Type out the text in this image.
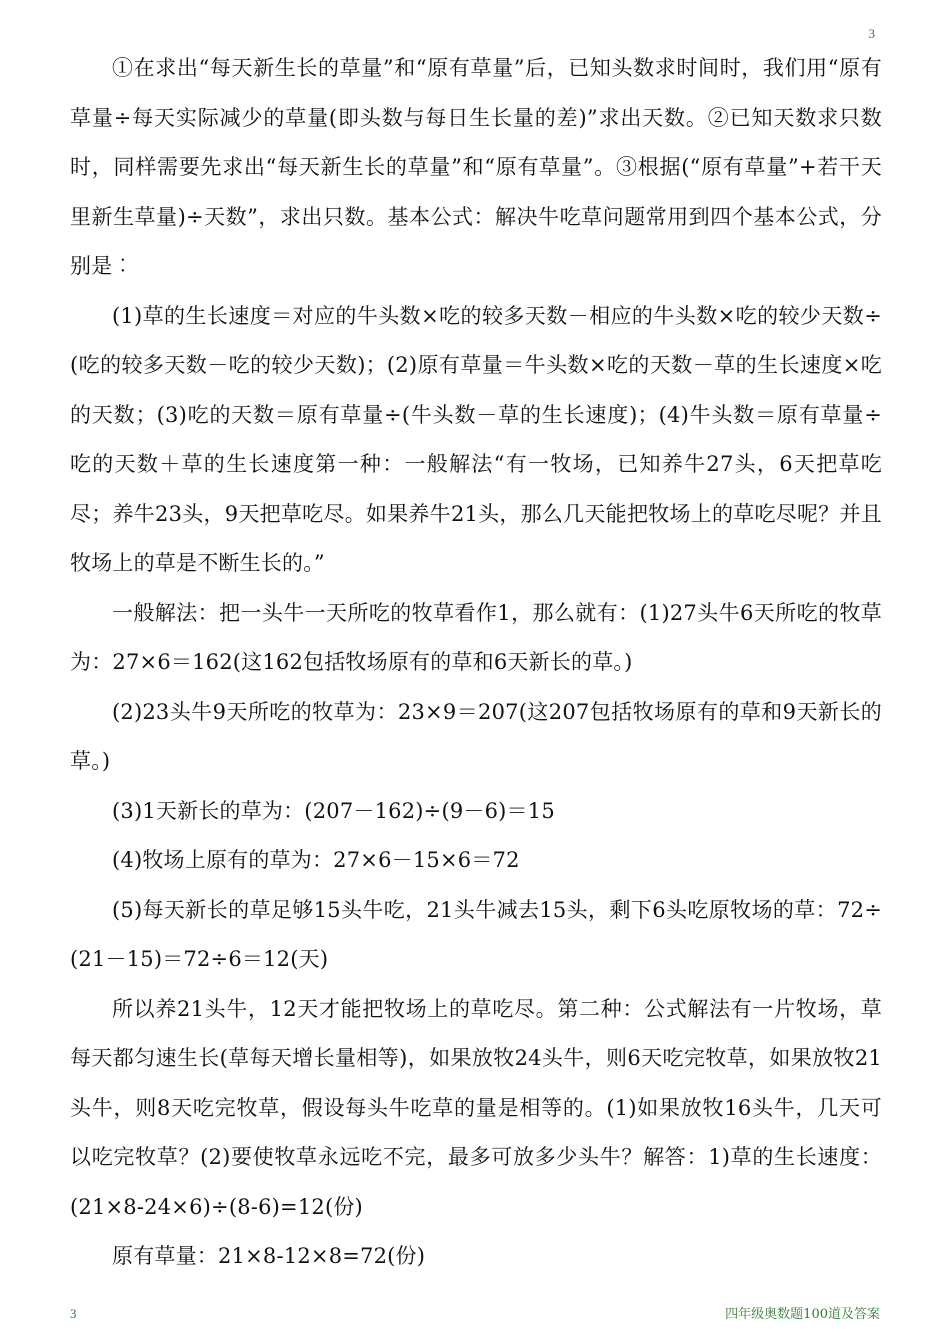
3

①在求出“每天新生长的草量”和“原有草量”后，已知头数求时间时，我们用“原有草量÷每天实际减少的草量(即头数与每日生长量的差)”求出天数。②已知天数求只数时，同样需要先求出“每天新生长的草量”和“原有草量”。③根据(“原有草量”+若干天里新生草量)÷天数”，求出只数。基本公式：解决牛吃草问题常用到四个基本公式，分别是︰

(1)草的生长速度＝对应的牛头数×吃的较多天数－相应的牛头数×吃的较少天数÷(吃的较多天数－吃的较少天数)；(2)原有草量＝牛头数×吃的天数－草的生长速度×吃的天数；(3)吃的天数＝原有草量÷(牛头数－草的生长速度)；(4)牛头数＝原有草量÷吃的天数＋草的生长速度第一种：一般解法“有一牧场，已知养牛27头，6天把草吃尽；养牛23头，9天把草吃尽。如果养牛21头，那么几天能把牧场上的草吃尽呢？并且牧场上的草是不断生长的。”

一般解法：把一头牛一天所吃的牧草看作1，那么就有：(1)27头牛6天所吃的牧草为：27×6＝162(这162包括牧场原有的草和6天新长的草。)

(2)23头牛9天所吃的牧草为：23×9＝207(这207包括牧场原有的草和9天新长的草。)

(3)1天新长的草为：(207－162)÷(9－6)＝15

(4)牧场上原有的草为：27×6－15×6＝72

(5)每天新长的草足够15头牛吃，21头牛减去15头，剩下6头吃原牧场的草：72÷(21－15)＝72÷6＝12(天)

所以养21头牛，12天才能把牧场上的草吃尽。第二种：公式解法有一片牧场，草每天都匀速生长(草每天增长量相等)，如果放牧24头牛，则6天吃完牧草，如果放牧21头牛，则8天吃完牧草，假设每头牛吃草的量是相等的。(1)如果放牧16头牛，几天可以吃完牧草？(2)要使牧草永远吃不完，最多可放多少头牛？解答：1)草的生长速度：(21×8-24×6)÷(8-6)=12(份)

原有草量：21×8-12×8=72(份)

3	四年级奥数题100道及答案
